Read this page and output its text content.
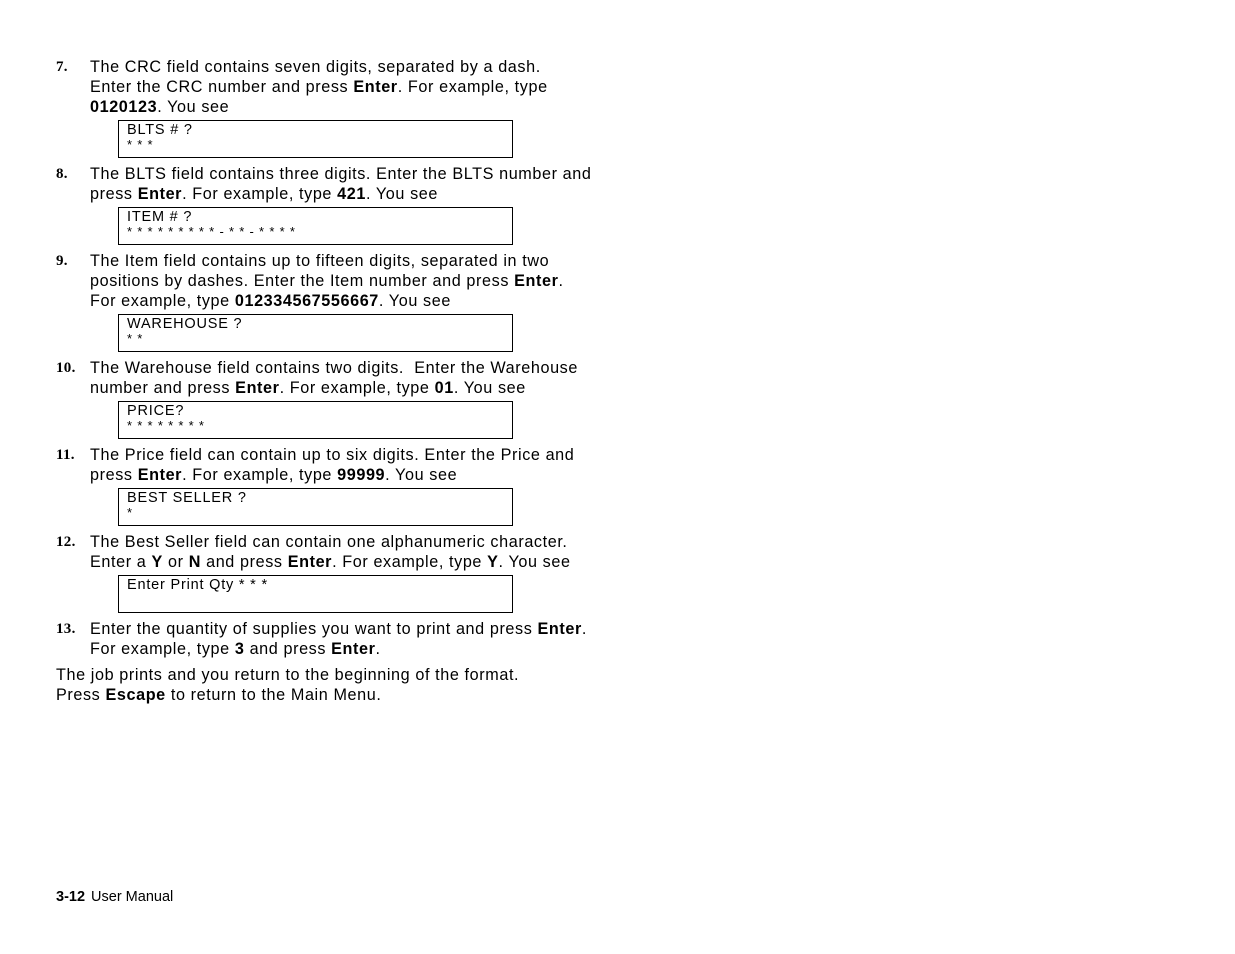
7. The CRC field contains seven digits, separated by a dash.
Enter the CRC number and press Enter. For example, type
0120123. You see
BLTS # ?
* * *
8. The BLTS field contains three digits. Enter the BLTS number and
press Enter. For example, type 421. You see
ITEM # ?
* * * * * * * * * - * * - * * * *
9. The Item field contains up to fifteen digits, separated in two
positions by dashes. Enter the Item number and press Enter.
For example, type 012334567556667. You see
WAREHOUSE ?
* *
10. The Warehouse field contains two digits.  Enter the Warehouse
number and press Enter. For example, type 01. You see
PRICE?
* * * * * * * *
11. The Price field can contain up to six digits. Enter the Price and
press Enter. For example, type 99999. You see
BEST SELLER ?
*
12. The Best Seller field can contain one alphanumeric character.
Enter a Y or N and press Enter. For example, type Y. You see
Enter Print Qty * * *
13. Enter the quantity of supplies you want to print and press Enter.
For example, type 3 and press Enter.
The job prints and you return to the beginning of the format.
Press Escape to return to the Main Menu.
3-12 User Manual
